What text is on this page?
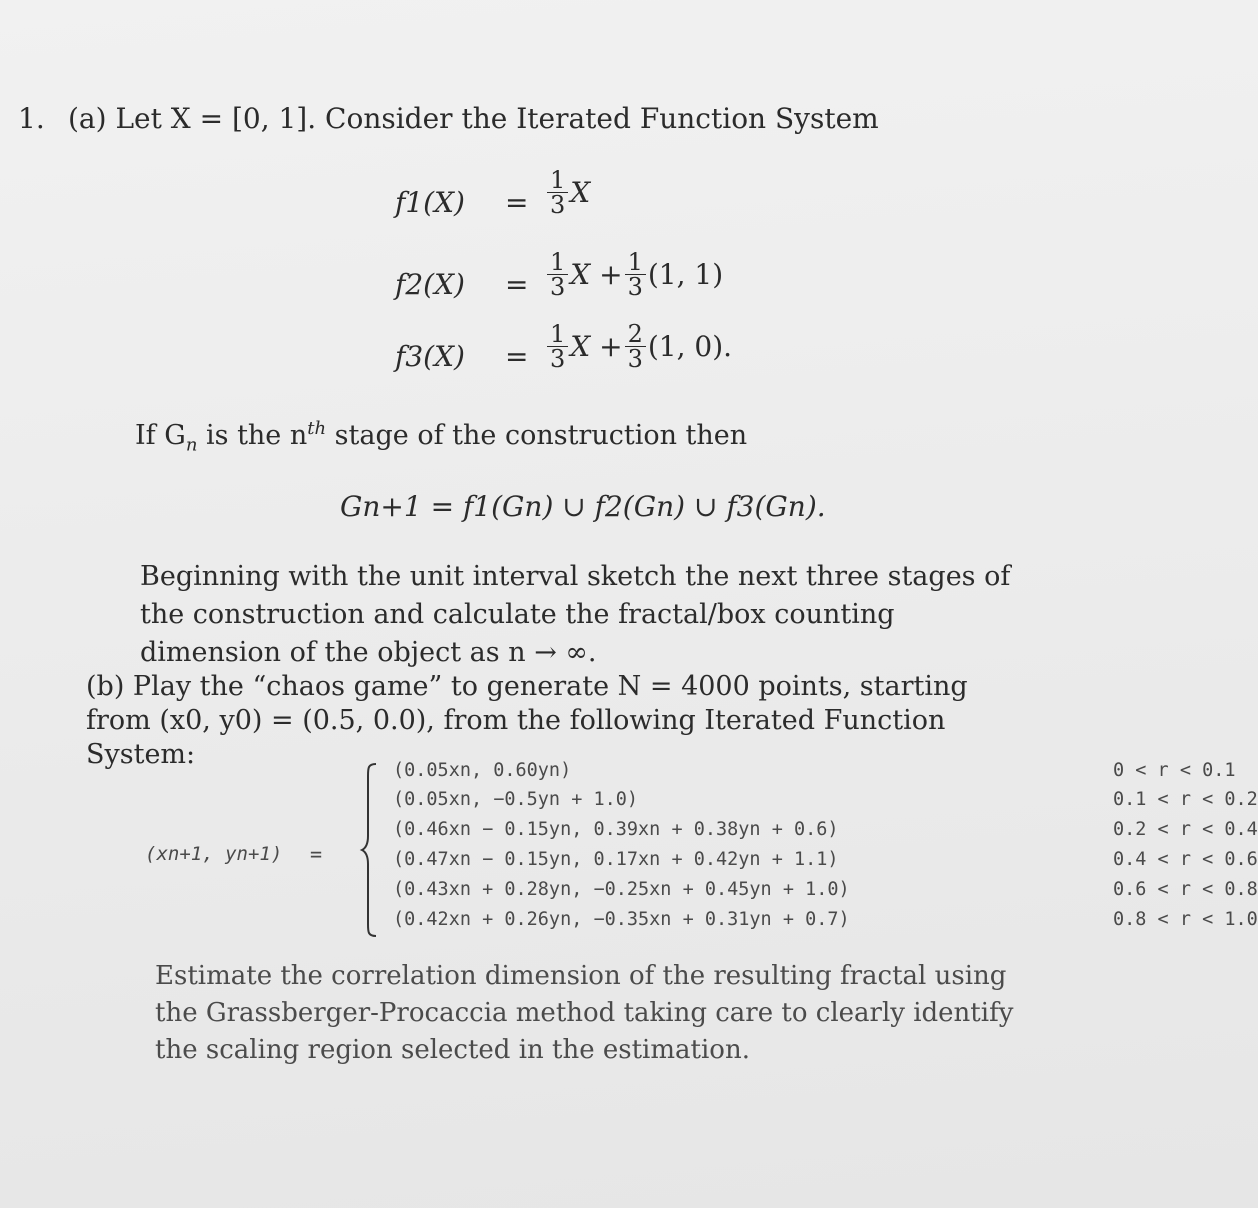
1. (a) Let X = [0, 1]. Consider the Iterated Function System
f1(X)	= $\frac{1}{3}$ X
f2(X)	= $\frac{1}{3}$ $X + \frac{1}{3} (1$, 1)
f3(X)	= $\frac{1}{3}$ $X + \frac{2}{3} (1$, 0).
If $G_n$ is the $n^{th}$ stage of the construction then
Gn+1 = f1(Gn) ∪ f2(Gn) ∪ f3(Gn).
Beginning with the unit interval sketch the next three stages of the construction and calculate the fractal/box counting dimension of the object as n → ∞.
(b) Play the “chaos game” to generate N = 4000 points, starting from (x0, y0) = (0.5, 0.0), from the following Iterated Function System:
(xn+1, yn+1) =
(0.05xn, 0.60yn)	0 < r < 0.1
(0.05xn, −0.5yn + 1.0)	0.1 < r < 0.2
(0.46xn − 0.15yn, 0.39xn + 0.38yn + 0.6)	0.2 < r < 0.4
(0.47xn − 0.15yn, 0.17xn + 0.42yn + 1.1)	0.4 < r < 0.6
(0.43xn + 0.28yn, −0.25xn + 0.45yn + 1.0)	0.6 < r < 0.8
(0.42xn + 0.26yn, −0.35xn + 0.31yn + 0.7)	0.8 < r < 1.0
Estimate the correlation dimension of the resulting fractal using the Grassberger-Procaccia method taking care to clearly identify the scaling region selected in the estimation.
